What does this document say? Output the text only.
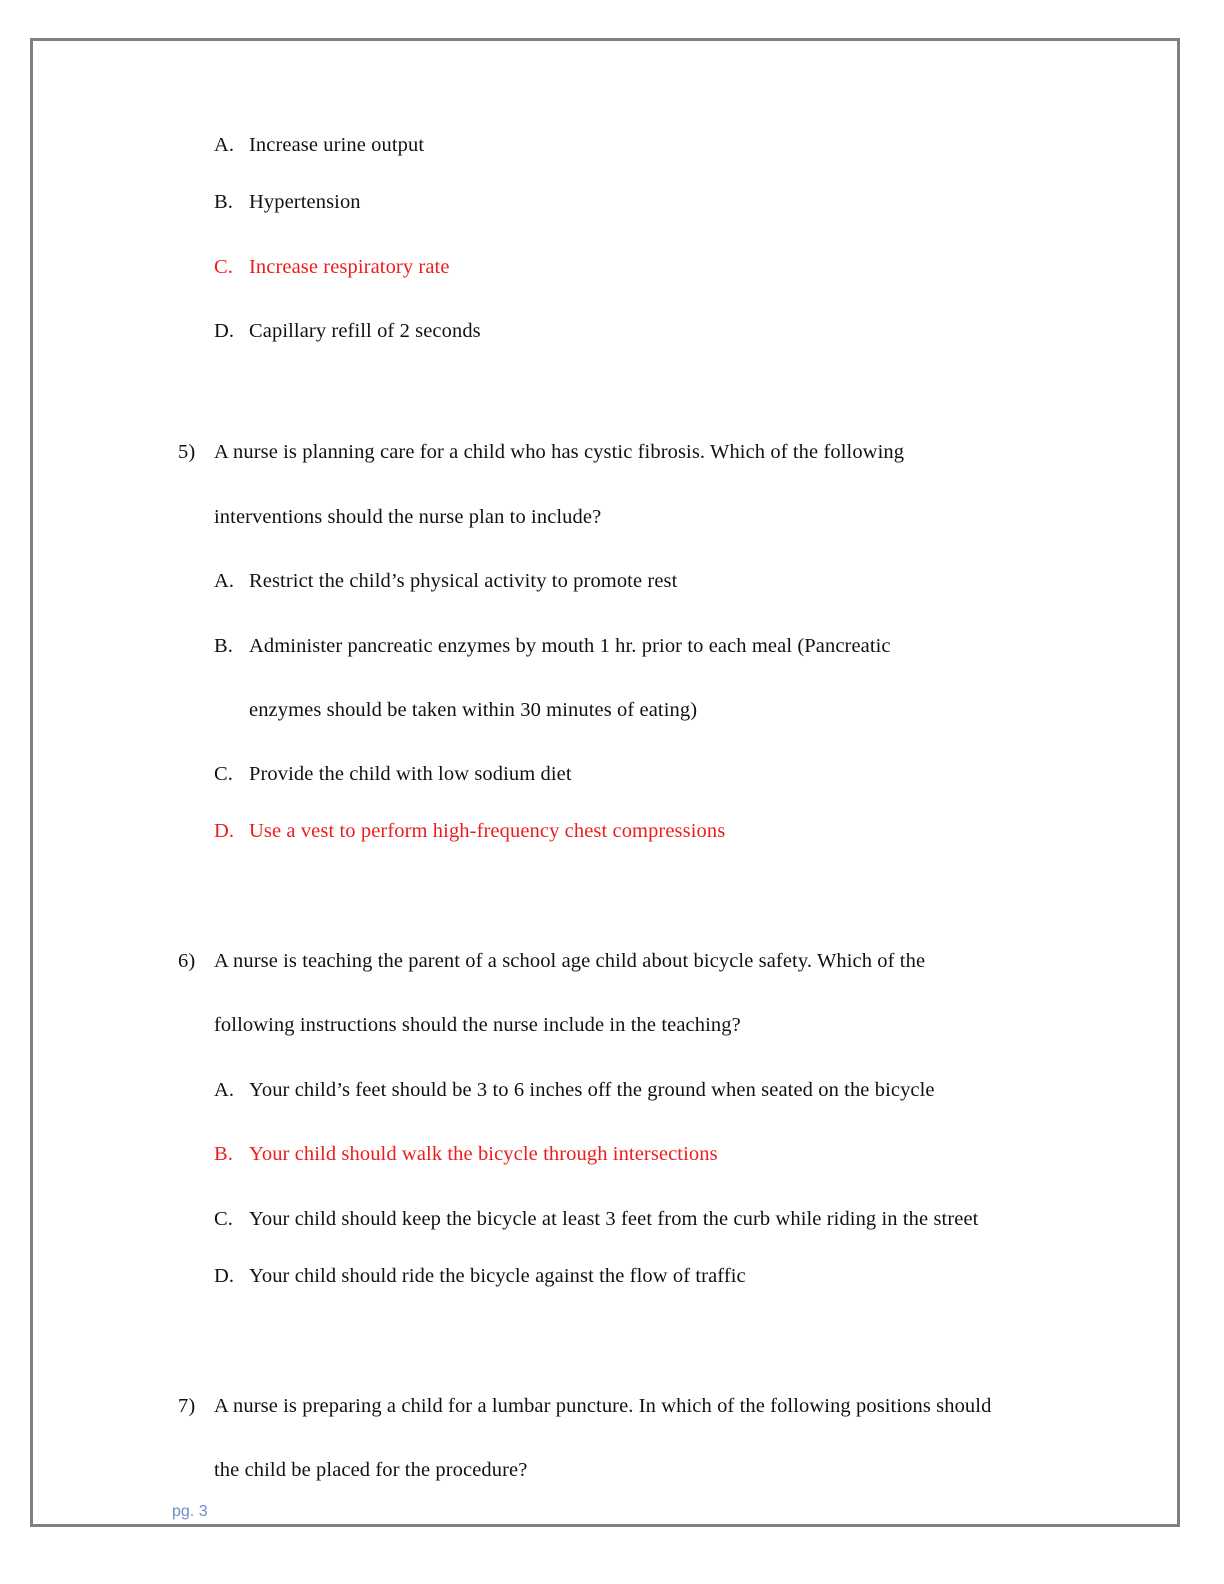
A. Increase urine output
B. Hypertension
C. Increase respiratory rate
D. Capillary refill of 2 seconds
5) A nurse is planning care for a child who has cystic fibrosis. Which of the following
interventions should the nurse plan to include?
A. Restrict the child’s physical activity to promote rest
B. Administer pancreatic enzymes by mouth 1 hr. prior to each meal (Pancreatic
enzymes should be taken within 30 minutes of eating)
C. Provide the child with low sodium diet
D. Use a vest to perform high-frequency chest compressions
6) A nurse is teaching the parent of a school age child about bicycle safety. Which of the
following instructions should the nurse include in the teaching?
A. Your child’s feet should be 3 to 6 inches off the ground when seated on the bicycle
B. Your child should walk the bicycle through intersections
C. Your child should keep the bicycle at least 3 feet from the curb while riding in the street
D. Your child should ride the bicycle against the flow of traffic
7) A nurse is preparing a child for a lumbar puncture. In which of the following positions should
the child be placed for the procedure?
pg. 3
